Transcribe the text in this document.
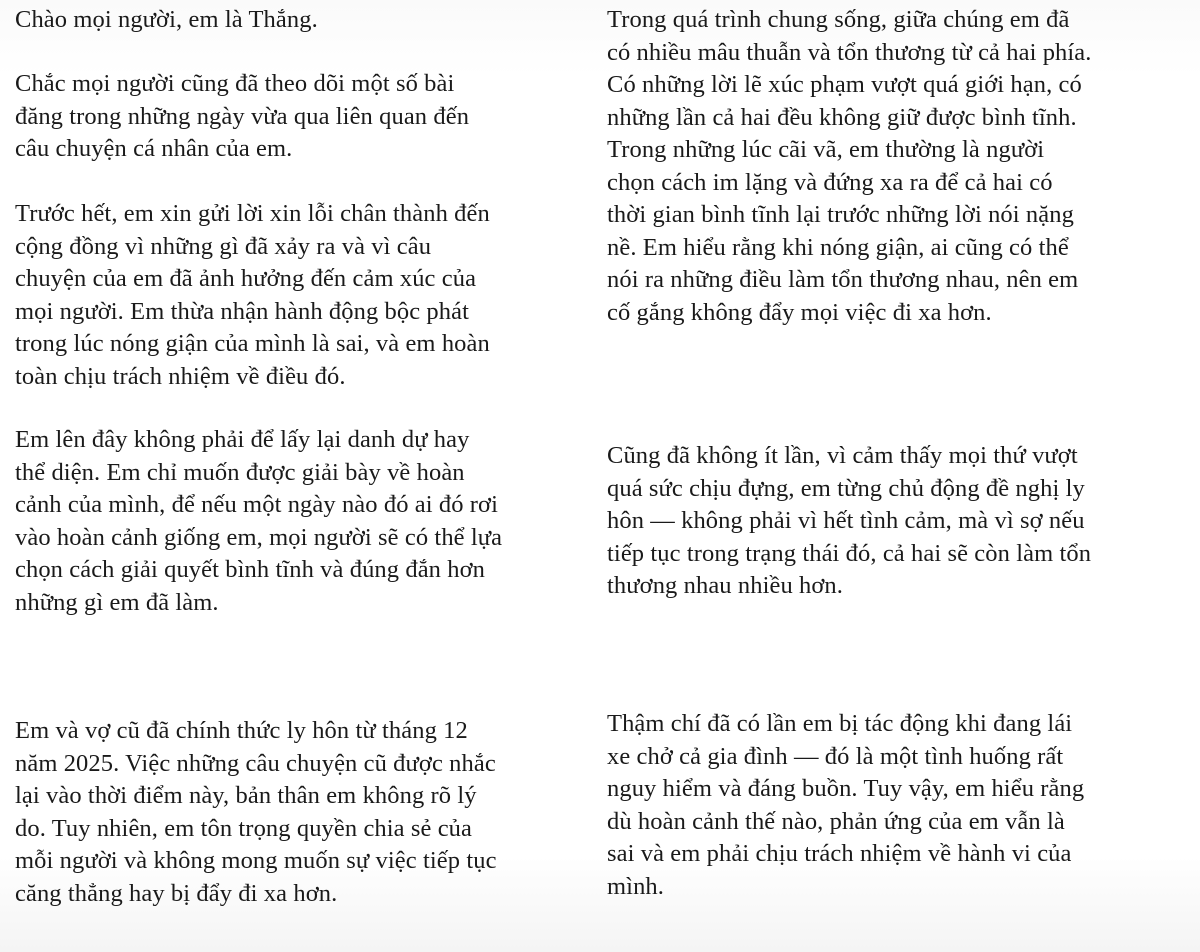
Chào mọi người, em là Thắng.

Chắc mọi người cũng đã theo dõi một số bài
đăng trong những ngày vừa qua liên quan đến
câu chuyện cá nhân của em.

Trước hết, em xin gửi lời xin lỗi chân thành đến
cộng đồng vì những gì đã xảy ra và vì câu
chuyện của em đã ảnh hưởng đến cảm xúc của
mọi người. Em thừa nhận hành động bộc phát
trong lúc nóng giận của mình là sai, và em hoàn
toàn chịu trách nhiệm về điều đó.

Em lên đây không phải để lấy lại danh dự hay
thể diện. Em chỉ muốn được giải bày về hoàn
cảnh của mình, để nếu một ngày nào đó ai đó rơi
vào hoàn cảnh giống em, mọi người sẽ có thể lựa
chọn cách giải quyết bình tĩnh và đúng đắn hơn
những gì em đã làm.

Em và vợ cũ đã chính thức ly hôn từ tháng 12
năm 2025. Việc những câu chuyện cũ được nhắc
lại vào thời điểm này, bản thân em không rõ lý
do. Tuy nhiên, em tôn trọng quyền chia sẻ của
mỗi người và không mong muốn sự việc tiếp tục
căng thẳng hay bị đẩy đi xa hơn.

Trong quá trình chung sống, giữa chúng em đã
có nhiều mâu thuẫn và tổn thương từ cả hai phía.
Có những lời lẽ xúc phạm vượt quá giới hạn, có
những lần cả hai đều không giữ được bình tĩnh.
Trong những lúc cãi vã, em thường là người
chọn cách im lặng và đứng xa ra để cả hai có
thời gian bình tĩnh lại trước những lời nói nặng
nề. Em hiểu rằng khi nóng giận, ai cũng có thể
nói ra những điều làm tổn thương nhau, nên em
cố gắng không đẩy mọi việc đi xa hơn.

Cũng đã không ít lần, vì cảm thấy mọi thứ vượt
quá sức chịu đựng, em từng chủ động đề nghị ly
hôn — không phải vì hết tình cảm, mà vì sợ nếu
tiếp tục trong trạng thái đó, cả hai sẽ còn làm tổn
thương nhau nhiều hơn.

Thậm chí đã có lần em bị tác động khi đang lái
xe chở cả gia đình — đó là một tình huống rất
nguy hiểm và đáng buồn. Tuy vậy, em hiểu rằng
dù hoàn cảnh thế nào, phản ứng của em vẫn là
sai và em phải chịu trách nhiệm về hành vi của
mình.
